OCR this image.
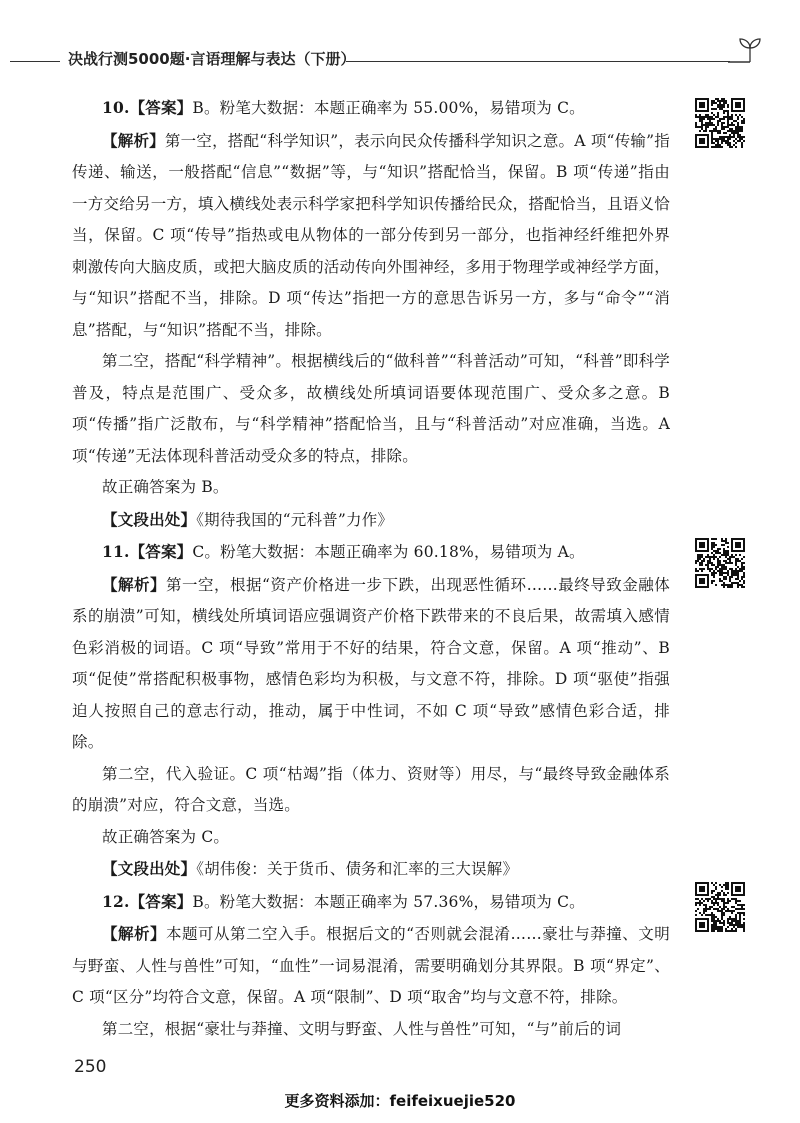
决战行测5000题·言语理解与表达（下册）

10.【答案】B。粉笔大数据：本题正确率为 55.00%，易错项为 C。

【解析】第一空，搭配“科学知识”，表示向民众传播科学知识之意。A 项“传输”指传递、输送，一般搭配“信息”“数据”等，与“知识”搭配恰当，保留。B 项“传递”指由一方交给另一方，填入横线处表示科学家把科学知识传播给民众，搭配恰当，且语义恰当，保留。C 项“传导”指热或电从物体的一部分传到另一部分，也指神经纤维把外界刺激传向大脑皮质，或把大脑皮质的活动传向外围神经，多用于物理学或神经学方面，与“知识”搭配不当，排除。D 项“传达”指把一方的意思告诉另一方，多与“命令”“消息”搭配，与“知识”搭配不当，排除。

第二空，搭配“科学精神”。根据横线后的“做科普”“科普活动”可知，“科普”即科学普及，特点是范围广、受众多，故横线处所填词语要体现范围广、受众多之意。B 项“传播”指广泛散布，与“科学精神”搭配恰当，且与“科普活动”对应准确，当选。A 项“传递”无法体现科普活动受众多的特点，排除。

故正确答案为 B。

【文段出处】《期待我国的“元科普”力作》

11.【答案】C。粉笔大数据：本题正确率为 60.18%，易错项为 A。

【解析】第一空，根据“资产价格进一步下跌，出现恶性循环……最终导致金融体系的崩溃”可知，横线处所填词语应强调资产价格下跌带来的不良后果，故需填入感情色彩消极的词语。C 项“导致”常用于不好的结果，符合文意，保留。A 项“推动”、B 项“促使”常搭配积极事物，感情色彩均为积极，与文意不符，排除。D 项“驱使”指强迫人按照自己的意志行动，推动，属于中性词，不如 C 项“导致”感情色彩合适，排除。

第二空，代入验证。C 项“枯竭”指（体力、资财等）用尽，与“最终导致金融体系的崩溃”对应，符合文意，当选。

故正确答案为 C。

【文段出处】《胡伟俊：关于货币、债务和汇率的三大误解》

12.【答案】B。粉笔大数据：本题正确率为 57.36%，易错项为 C。

【解析】本题可从第二空入手。根据后文的“否则就会混淆……豪壮与莽撞、文明与野蛮、人性与兽性”可知，“血性”一词易混淆，需要明确划分其界限。B 项“界定”、C 项“区分”均符合文意，保留。A 项“限制”、D 项“取舍”均与文意不符，排除。

第二空，根据“豪壮与莽撞、文明与野蛮、人性与兽性”可知，“与”前后的词

250
更多资料添加：feifeixuejie520
